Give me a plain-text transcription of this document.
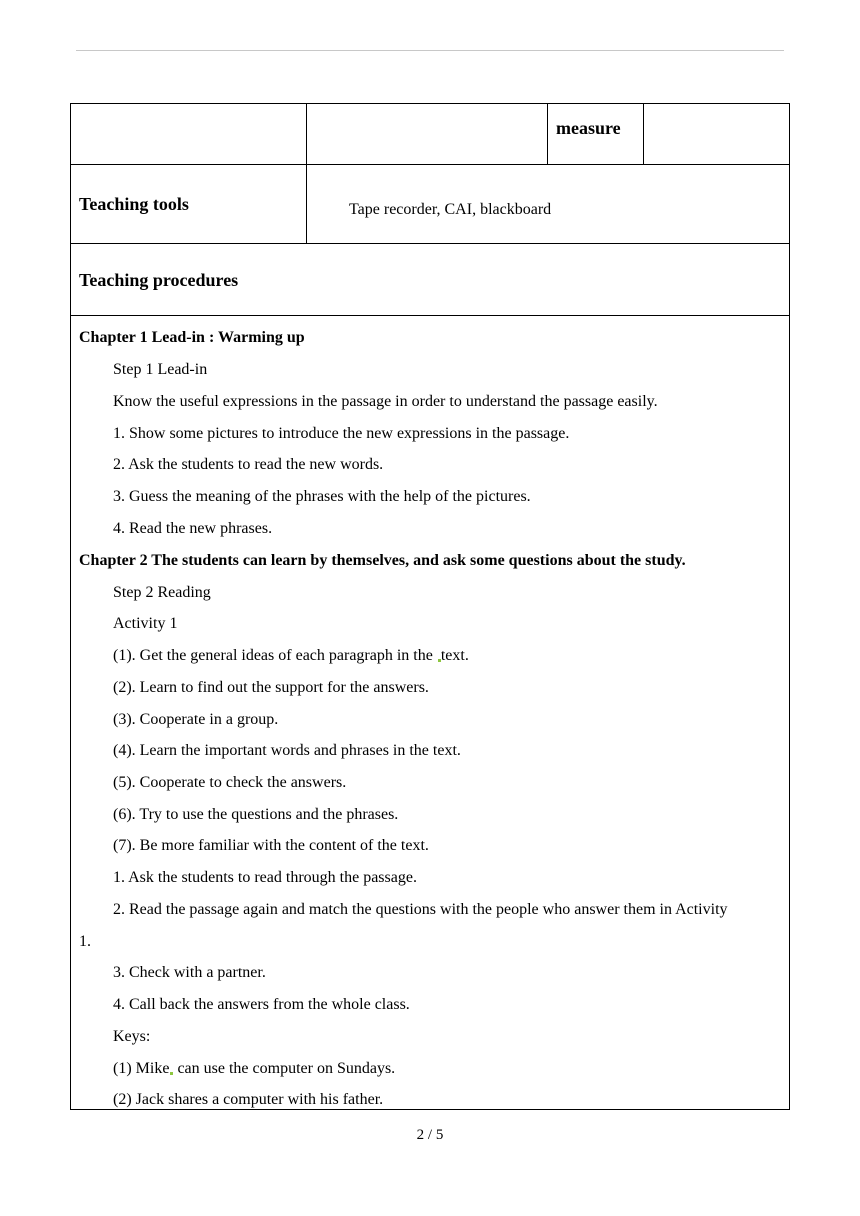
measure
Teaching tools	Tape recorder, CAI, blackboard
Teaching procedures
Chapter 1 Lead-in : Warming up
Step 1 Lead-in
Know the useful expressions in the passage in order to understand the passage easily.
1. Show some pictures to introduce the new expressions in the passage.
2. Ask the students to read the new words.
3. Guess the meaning of the phrases with the help of the pictures.
4. Read the new phrases.
Chapter 2 The students can learn by themselves, and ask some questions about the study.
Step 2 Reading
Activity 1
(1). Get the general ideas of each paragraph in the text.
(2). Learn to find out the support for the answers.
(3). Cooperate in a group.
(4). Learn the important words and phrases in the text.
(5). Cooperate to check the answers.
(6). Try to use the questions and the phrases.
(7). Be more familiar with the content of the text.
1. Ask the students to read through the passage.
2. Read the passage again and match the questions with the people who answer them in Activity
1.
3. Check with a partner.
4. Call back the answers from the whole class.
Keys:
(1) Mike can use the computer on Sundays.
(2) Jack shares a computer with his father.
2 / 5
